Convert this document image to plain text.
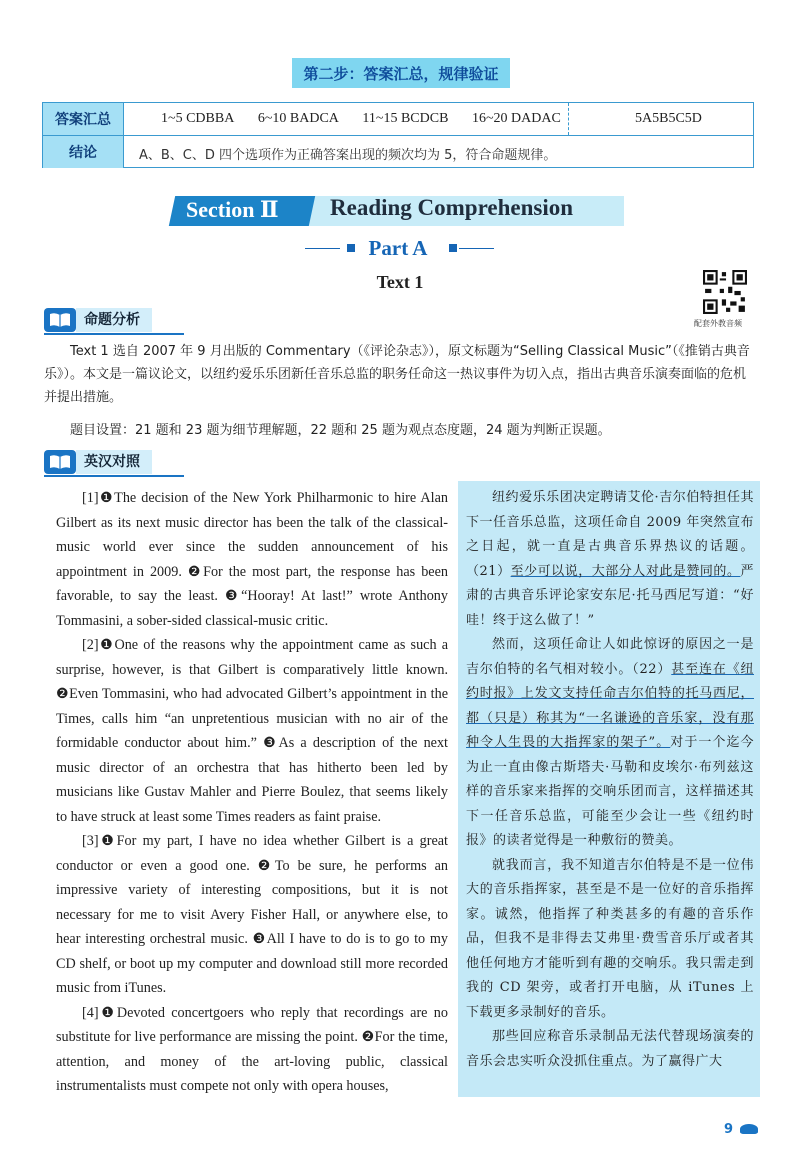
第二步：答案汇总，规律验证
答案汇总	1~5 CDBBA 6~10 BADCA 11~15 BCDCB 16~20 DADAC	5A5B5C5D
结论	A、B、C、D 四个选项作为正确答案出现的频次均为 5，符合命题规律。
Section Ⅱ Reading Comprehension
Part A
Text 1
配套外教音频
命题分析
Text 1 选自 2007 年 9 月出版的 Commentary（《评论杂志》），原文标题为“Selling Classical Music”（《推销古典音乐》）。本文是一篇议论文，以纽约爱乐乐团新任音乐总监的职务任命这一热议事件为切入点，指出古典音乐演奏面临的危机并提出措施。
题目设置：21 题和 23 题为细节理解题，22 题和 25 题为观点态度题，24 题为判断正误题。
英汉对照

[1]❶The decision of the New York Philharmonic to hire Alan Gilbert as its next music director has been the talk of the classical-music world ever since the sudden announcement of his appointment in 2009. ❷For the most part, the response has been favorable, to say the least. ❸“Hooray! At last!” wrote Anthony Tommasini, a sober-sided classical-music critic.

[2]❶One of the reasons why the appointment came as such a surprise, however, is that Gilbert is comparatively little known. ❷Even Tommasini, who had advocated Gilbert’s appointment in the Times, calls him “an unpretentious musician with no air of the formidable conductor about him.” ❸As a description of the next music director of an orchestra that has hitherto been led by musicians like Gustav Mahler and Pierre Boulez, that seems likely to have struck at least some Times readers as faint praise.

[3]❶For my part, I have no idea whether Gilbert is a great conductor or even a good one. ❷To be sure, he performs an impressive variety of interesting compositions, but it is not necessary for me to visit Avery Fisher Hall, or anywhere else, to hear interesting orchestral music. ❸All I have to do is to go to my CD shelf, or boot up my computer and download still more recorded music from iTunes.

[4]❶Devoted concertgoers who reply that recordings are no substitute for live performance are missing the point. ❷For the time, attention, and money of the art-loving public, classical instrumentalists must compete not only with opera houses,

纽约爱乐乐团决定聘请艾伦·吉尔伯特担任其下一任音乐总监，这项任命自 2009 年突然宣布之日起，就一直是古典音乐界热议的话题。（21）至少可以说，大部分人对此是赞同的。严肃的古典音乐评论家安东尼·托马西尼写道：“好哇！终于这么做了！”

然而，这项任命让人如此惊讶的原因之一是吉尔伯特的名气相对较小。（22）甚至连在《纽约时报》上发文支持任命吉尔伯特的托马西尼，都（只是）称其为“一名谦逊的音乐家，没有那种令人生畏的大指挥家的架子”。对于一个迄今为止一直由像古斯塔夫·马勒和皮埃尔·布列兹这样的音乐家来指挥的交响乐团而言，这样描述其下一任音乐总监，可能至少会让一些《纽约时报》的读者觉得是一种敷衍的赞美。

就我而言，我不知道吉尔伯特是不是一位伟大的音乐指挥家，甚至是不是一位好的音乐指挥家。诚然，他指挥了种类甚多的有趣的音乐作品，但我不是非得去艾弗里·费雪音乐厅或者其他任何地方才能听到有趣的交响乐。我只需走到我的 CD 架旁，或者打开电脑，从 iTunes 上下载更多录制好的音乐。

那些回应称音乐录制品无法代替现场演奏的音乐会忠实听众没抓住重点。为了赢得广大

9
